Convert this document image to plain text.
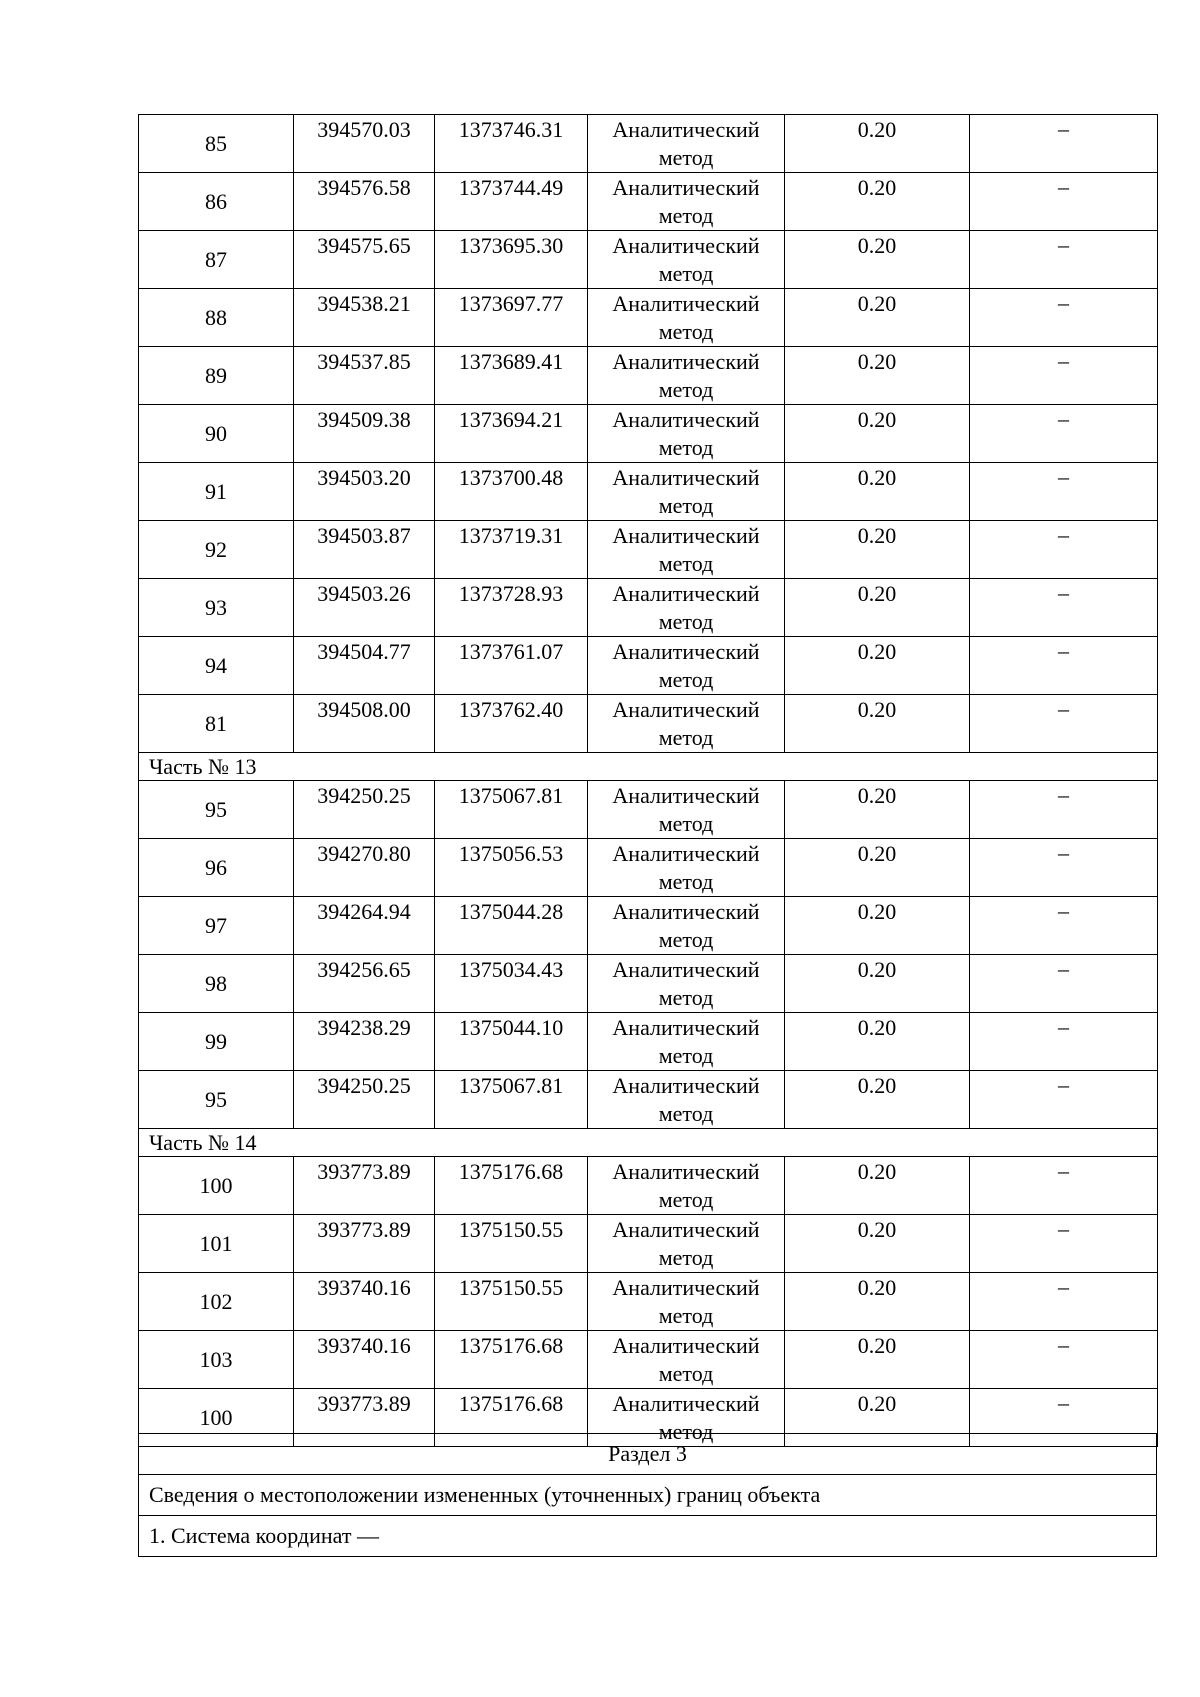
85	394570.03	1373746.31	Аналитический метод	0.20	–
86	394576.58	1373744.49	Аналитический метод	0.20	–
87	394575.65	1373695.30	Аналитический метод	0.20	–
88	394538.21	1373697.77	Аналитический метод	0.20	–
89	394537.85	1373689.41	Аналитический метод	0.20	–
90	394509.38	1373694.21	Аналитический метод	0.20	–
91	394503.20	1373700.48	Аналитический метод	0.20	–
92	394503.87	1373719.31	Аналитический метод	0.20	–
93	394503.26	1373728.93	Аналитический метод	0.20	–
94	394504.77	1373761.07	Аналитический метод	0.20	–
81	394508.00	1373762.40	Аналитический метод	0.20	–
Часть № 13					
95	394250.25	1375067.81	Аналитический метод	0.20	–
96	394270.80	1375056.53	Аналитический метод	0.20	–
97	394264.94	1375044.28	Аналитический метод	0.20	–
98	394256.65	1375034.43	Аналитический метод	0.20	–
99	394238.29	1375044.10	Аналитический метод	0.20	–
95	394250.25	1375067.81	Аналитический метод	0.20	–
Часть № 14					
100	393773.89	1375176.68	Аналитический метод	0.20	–
101	393773.89	1375150.55	Аналитический метод	0.20	–
102	393740.16	1375150.55	Аналитический метод	0.20	–
103	393740.16	1375176.68	Аналитический метод	0.20	–
100	393773.89	1375176.68	Аналитический метод	0.20	–
Раздел 3
Сведения о местоположении измененных (уточненных) границ объекта
1. Система координат —
